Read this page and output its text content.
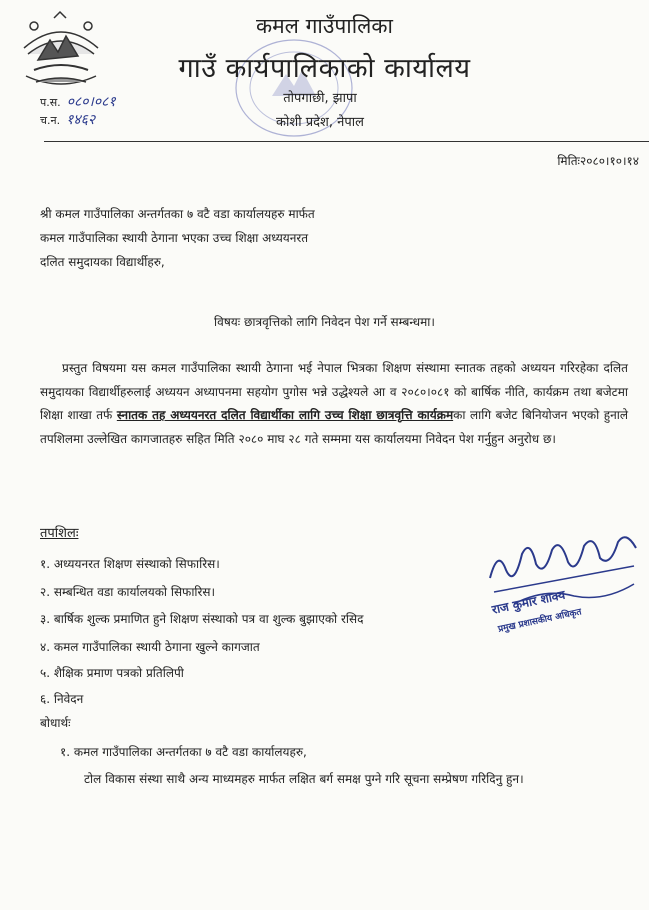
कमल गाउँपालिका
गाउँ कार्यपालिकाको कार्यालय
तोपगाछी, झापा
कोशी प्रदेश, नेपाल
प.स. ०८०।०८१
च.न. १४६२
मितिः२०८०।१०।१४
श्री कमल गाउँपालिका अन्तर्गतका ७ वटै वडा कार्यालयहरु मार्फत
कमल गाउँपालिका स्थायी ठेगाना भएका उच्च शिक्षा अध्ययनरत
दलित समुदायका विद्यार्थीहरु,
विषयः छात्रवृत्तिको लागि निवेदन पेश गर्ने सम्बन्धमा।

प्रस्तुत विषयमा यस कमल गाउँपालिका स्थायी ठेगाना भई नेपाल भित्रका शिक्षण संस्थामा स्नातक तहको अध्ययन गरिरहेका दलित समुदायका विद्यार्थीहरुलाई अध्ययन अध्यापनमा सहयोग पुगोस भन्ने उद्धेश्यले आ व २०८०।०८१ को बार्षिक नीति, कार्यक्रम तथा बजेटमा शिक्षा शाखा तर्फ स्नातक तह अध्ययनरत दलित विद्यार्थीका लागि उच्च शिक्षा छात्रवृत्ति कार्यक्रमका लागि बजेट बिनियोजन भएको हुनाले तपशिलमा उल्लेखित कागजातहरु सहित मिति २०८० माघ २८ गते सम्ममा यस कार्यालयमा निवेदन पेश गर्नुहुन अनुरोध छ।

तपशिलः
१. अध्ययनरत शिक्षण संस्थाको सिफारिस।
२. सम्बन्धित वडा कार्यालयको सिफारिस।
३. बार्षिक शुल्क प्रमाणित हुने शिक्षण संस्थाको पत्र वा शुल्क बुझाएको रसिद
४. कमल गाउँपालिका स्थायी ठेगाना खुल्ने कागजात
५. शैक्षिक प्रमाण पत्रको प्रतिलिपी
६. निवेदन
बोधार्थः
१. कमल गाउँपालिका अन्तर्गतका ७ वटै वडा कार्यालयहरु,

टोल विकास संस्था साथै अन्य माध्यमहरु मार्फत लक्षित बर्ग समक्ष पुग्ने गरि सूचना सम्प्रेषण गरिदिनु हुन।

राज कुमार शाक्य
प्रमुख प्रशासकीय अधिकृत
